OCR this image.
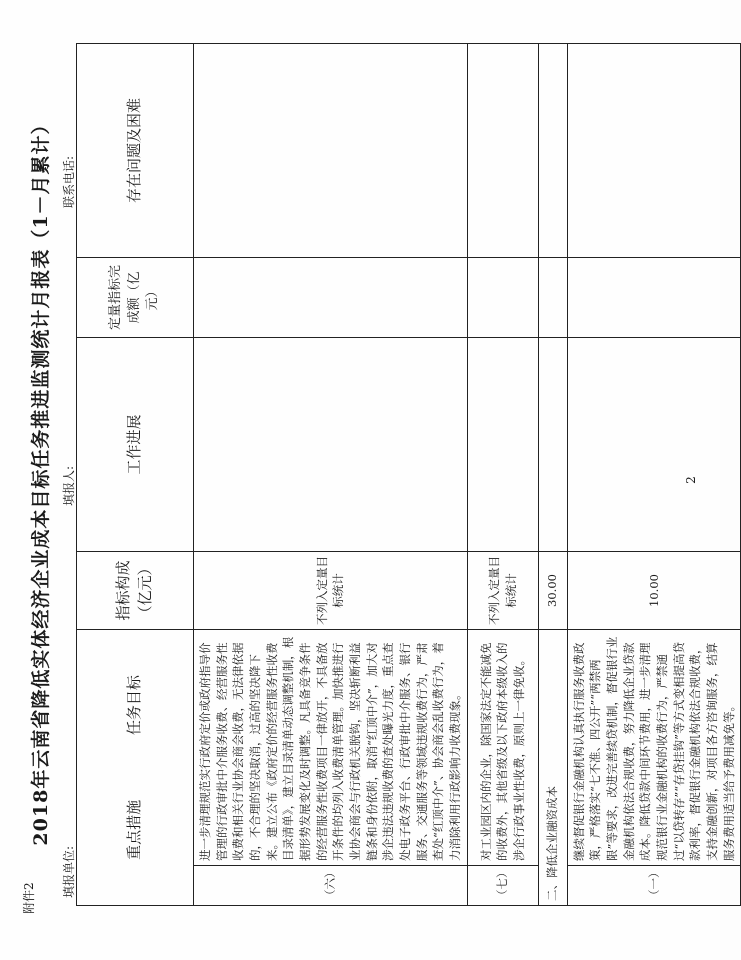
附件2
2018年云南省降低实体经济企业成本目标任务推进监测统计月报表（1－月累计）
填报单位:
填报人:
联系电话:
重点措施 任务目标		指标构成（亿元）	工作进展	定量指标完成额（亿元）	存在问题及困难
（六）	进一步清理规范实行政府定价或政府指导价管理的行政审批中介服务收费、经营服务性收费和相关行业协会商会收费，无法律依据的，不合理的坚决取消，过高的坚决降下来。建立公布《政府定价的经营服务性收费目录清单》，建立目录清单动态调整机制，根据形势发展变化及时调整。凡具备竞争条件的经营服务性收费项目一律放开，不具备放开条件的均列入收费清单管理。加快推进行业协会商会与行政机关脱钩，坚决斩断利益链条和身份依附，取消“红顶中介”，加大对涉企违法违规收费的查处曝光力度，重点查处电子政务平台、行政审批中介服务、银行服务、交通服务等领域违规收费行为，严肃查处“红顶中介”、协会商会乱收费行为，着力消除利用行政影响力收费现象。	不列入定量目标统计			
（七）	对工业园区内的企业，除国家法定不能减免的收费外，其他省级及以下政府本级收入的涉企行政事业性收费，原则上一律免收。	不列入定量目标统计			
二、降低企业融资成本		30.00			
（一）	继续督促银行金融机构认真执行服务收费政策，严格落实“七不准、四公开”“两禁两限”等要求，改进完善续贷机制，督促银行业金融机构依法合规收费，努力降低企业贷款成本。降低贷款中间环节费用，进一步清理规范银行业金融机构的收费行为，严禁通过“以贷转存”“存贷挂钩”等方式变相提高贷款利率，督促银行金融机构依法合规收费，支持金融创新，对项目各方咨询服务，结算服务费用适当给予费用减免等。	10.00			
2
